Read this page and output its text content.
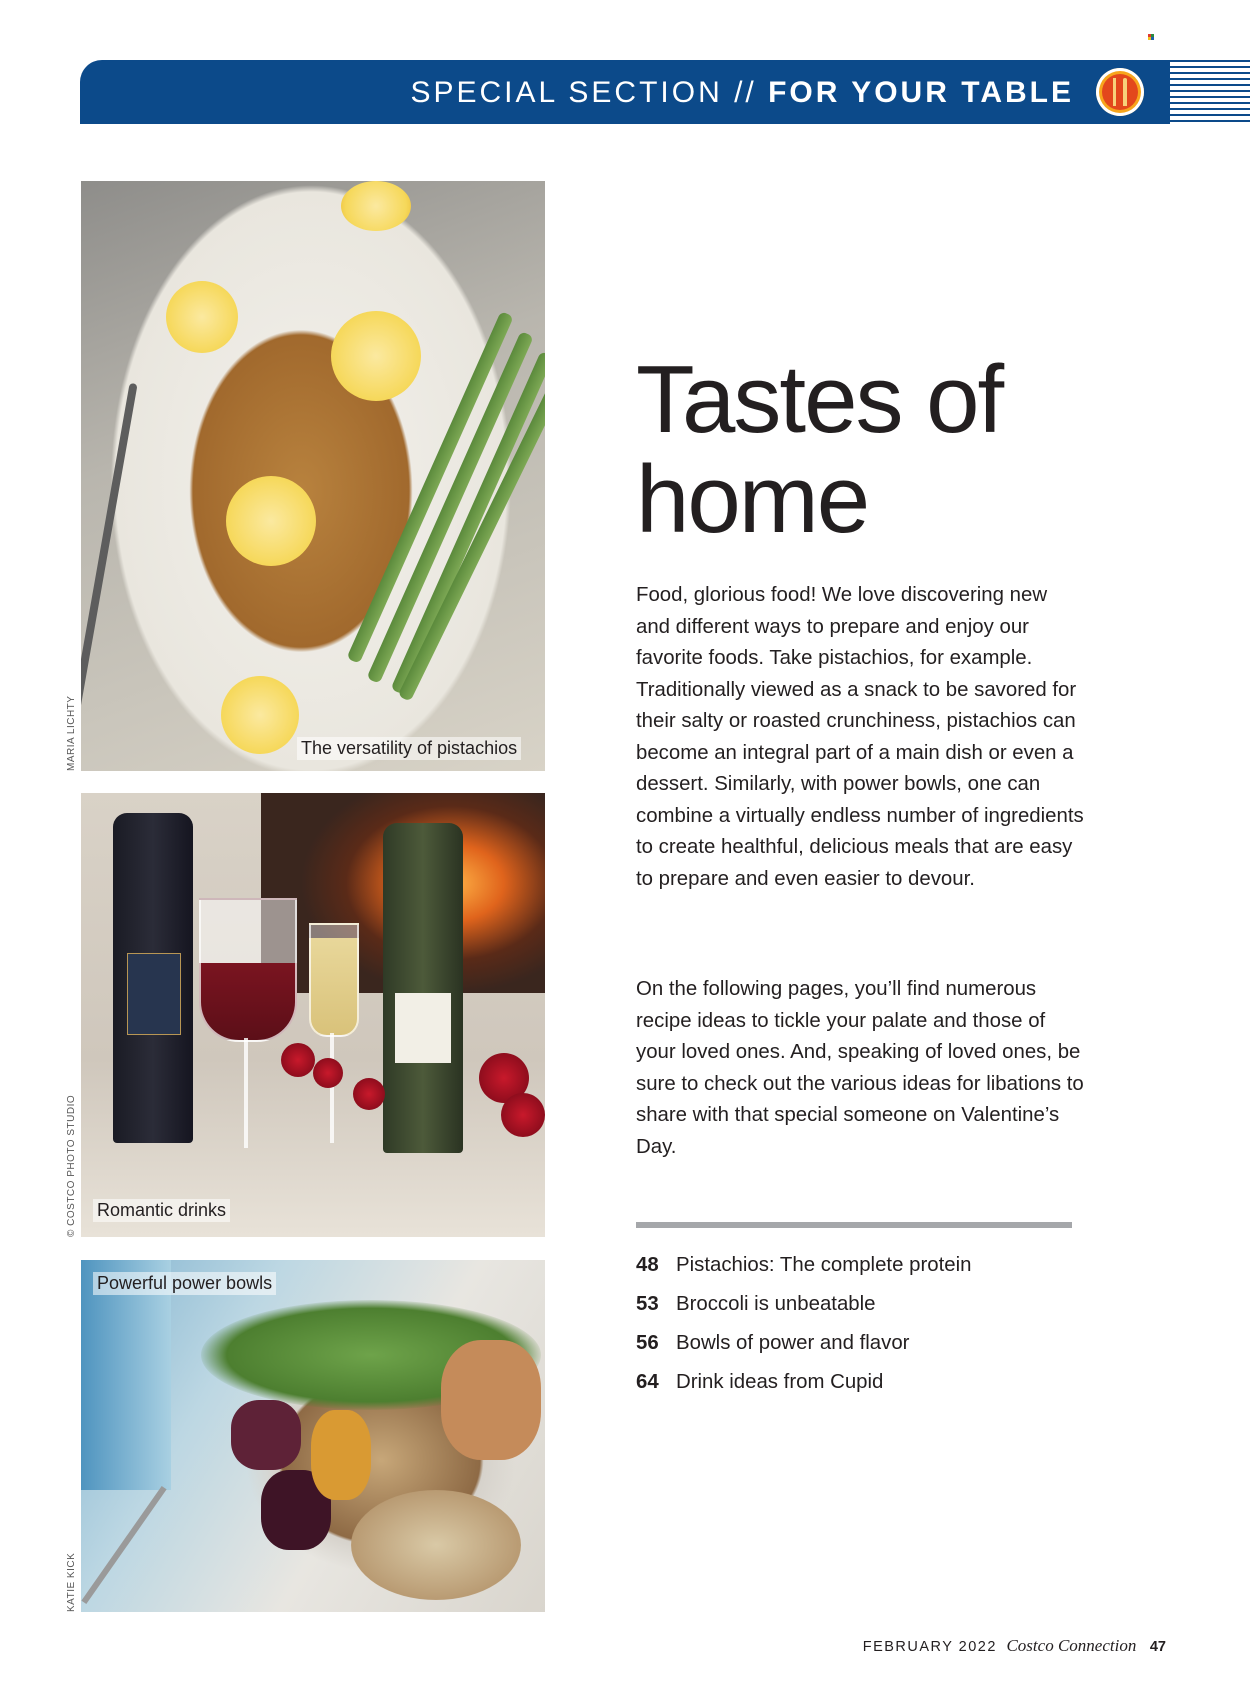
SPECIAL SECTION // FOR YOUR TABLE
The versatility of pistachios
MARIA LICHTY
Romantic drinks
© COSTCO PHOTO STUDIO
Powerful power bowls
KATIE KICK
Tastes of
home

Food, glorious food! We love discovering new and different ways to prepare and enjoy our favorite foods. Take pistachios, for example. Traditionally viewed as a snack to be savored for their salty or roasted crunchiness, pistachios can become an integral part of a main dish or even a dessert. Similarly, with power bowls, one can combine a virtually endless number of ingredients to create healthful, delicious meals that are easy to prepare and even easier to devour.

On the following pages, you’ll find numerous recipe ideas to tickle your palate and those of your loved ones. And, speaking of loved ones, be sure to check out the various ideas for libations to share with that special someone on Valentine’s Day.

48 Pistachios: The complete protein
53 Broccoli is unbeatable
56 Bowls of power and flavor
64 Drink ideas from Cupid
FEBRUARY 2022 Costco Connection 47
